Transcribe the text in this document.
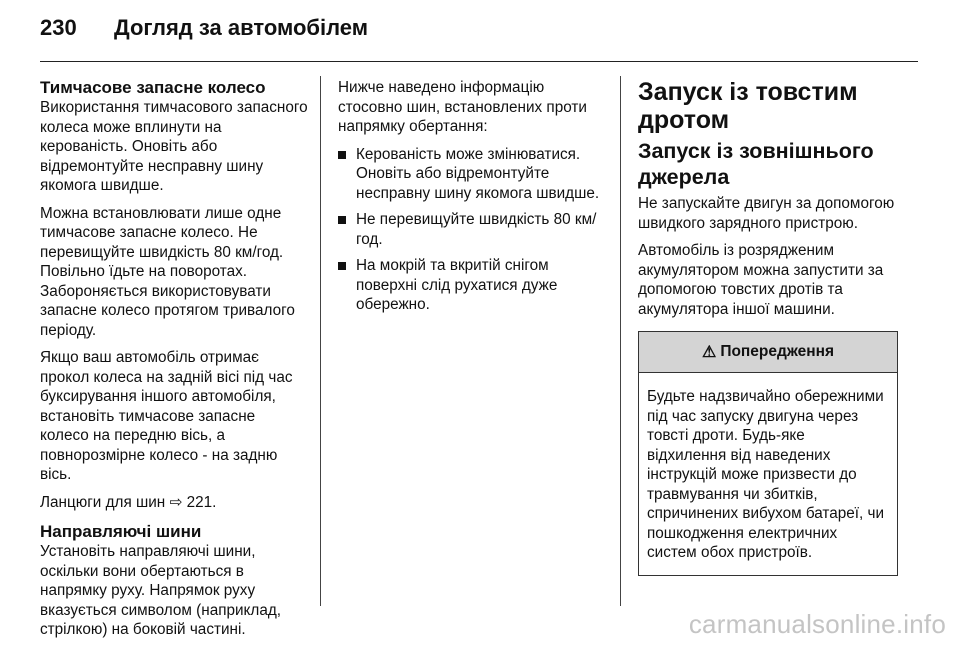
230	Догляд за автомобілем
Тимчасове запасне колесо

Використання тимчасового запасного колеса може вплинути на керованість. Оновіть або відремонтуйте несправну шину якомога швидше.

Можна встановлювати лише одне тимчасове запасне колесо. Не перевищуйте швидкість 80 км/год. Повільно їдьте на поворотах. Забороняється використовувати запасне колесо протягом тривалого періоду.

Якщо ваш автомобіль отримає прокол колеса на задній вісі під час буксирування іншого автомобіля, встановіть тимчасове запасне колесо на передню вісь, а повнорозмірне колесо - на задню вісь.

Ланцюги для шин ⇨ 221.

Направляючі шини

Установіть направляючі шини, оскільки вони обертаються в напрямку руху. Напрямок руху вказується символом (наприклад, стрілкою) на боковій частині.

Нижче наведено інформацію стосовно шин, встановлених проти напрямку обертання:

Керованість може змінюватися. Оновіть або відремонтуйте несправну шину якомога швидше.
Не перевищуйте швидкість 80 км/год.
На мокрій та вкритій снігом поверхні слід рухатися дуже обережно.
Запуск із товстим дротом
Запуск із зовнішнього джерела

Не запускайте двигун за допомогою швидкого зарядного пристрою.

Автомобіль із розрядженим акумулятором можна запустити за допомогою товстих дротів та акумулятора іншої машини.

⚠ Попередження

Будьте надзвичайно обережними під час запуску двигуна через товсті дроти. Будь-яке відхилення від наведених інструкцій може призвести до травмування чи збитків, спричинених вибухом батареї, чи пошкодження електричних систем обох пристроїв.

carmanualsonline.info
